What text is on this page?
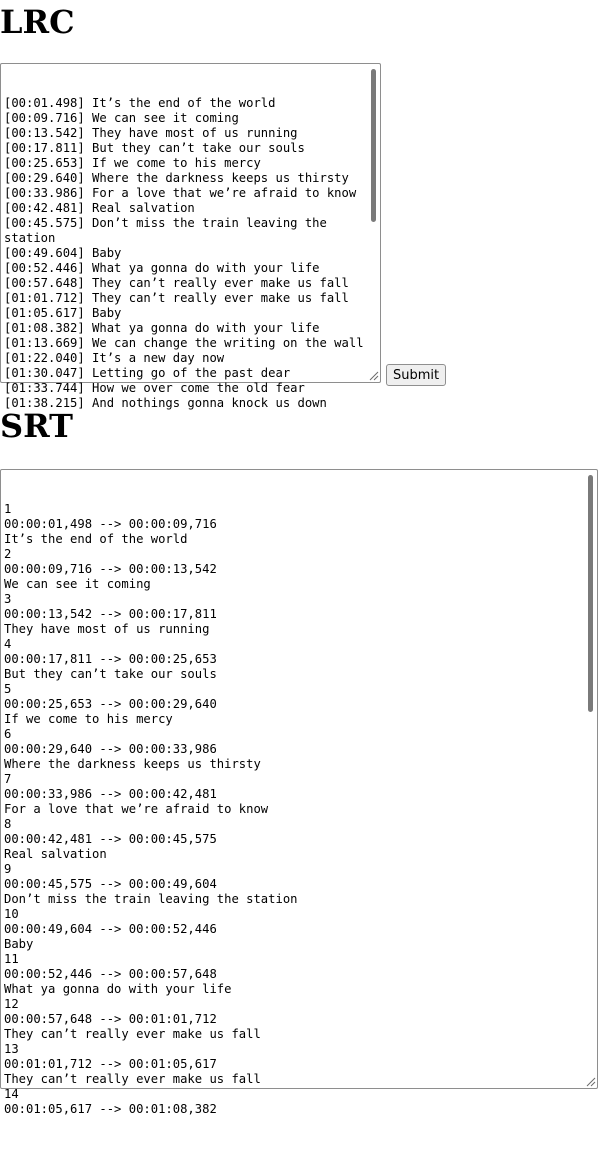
LRC

[00:01.498] It’s the end of the world
[00:09.716] We can see it coming
[00:13.542] They have most of us running
[00:17.811] But they can’t take our souls
[00:25.653] If we come to his mercy
[00:29.640] Where the darkness keeps us thirsty
[00:33.986] For a love that we’re afraid to know
[00:42.481] Real salvation
[00:45.575] Don’t miss the train leaving the station
[00:49.604] Baby
[00:52.446] What ya gonna do with your life
[00:57.648] They can’t really ever make us fall
[01:01.712] They can’t really ever make us fall
[01:05.617] Baby
[01:08.382] What ya gonna do with your life
[01:13.669] We can change the writing on the wall
[01:22.040] It’s a new day now
[01:30.047] Letting go of the past dear
[01:33.744] How we over come the old fear
[01:38.215] And nothings gonna knock us down

Submit
SRT

1
00:00:01,498 --> 00:00:09,716
It’s the end of the world
2
00:00:09,716 --> 00:00:13,542
We can see it coming
3
00:00:13,542 --> 00:00:17,811
They have most of us running
4
00:00:17,811 --> 00:00:25,653
But they can’t take our souls
5
00:00:25,653 --> 00:00:29,640
If we come to his mercy
6
00:00:29,640 --> 00:00:33,986
Where the darkness keeps us thirsty
7
00:00:33,986 --> 00:00:42,481
For a love that we’re afraid to know
8
00:00:42,481 --> 00:00:45,575
Real salvation
9
00:00:45,575 --> 00:00:49,604
Don’t miss the train leaving the station
10
00:00:49,604 --> 00:00:52,446
Baby
11
00:00:52,446 --> 00:00:57,648
What ya gonna do with your life
12
00:00:57,648 --> 00:01:01,712
They can’t really ever make us fall
13
00:01:01,712 --> 00:01:05,617
They can’t really ever make us fall
14
00:01:05,617 --> 00:01:08,382
